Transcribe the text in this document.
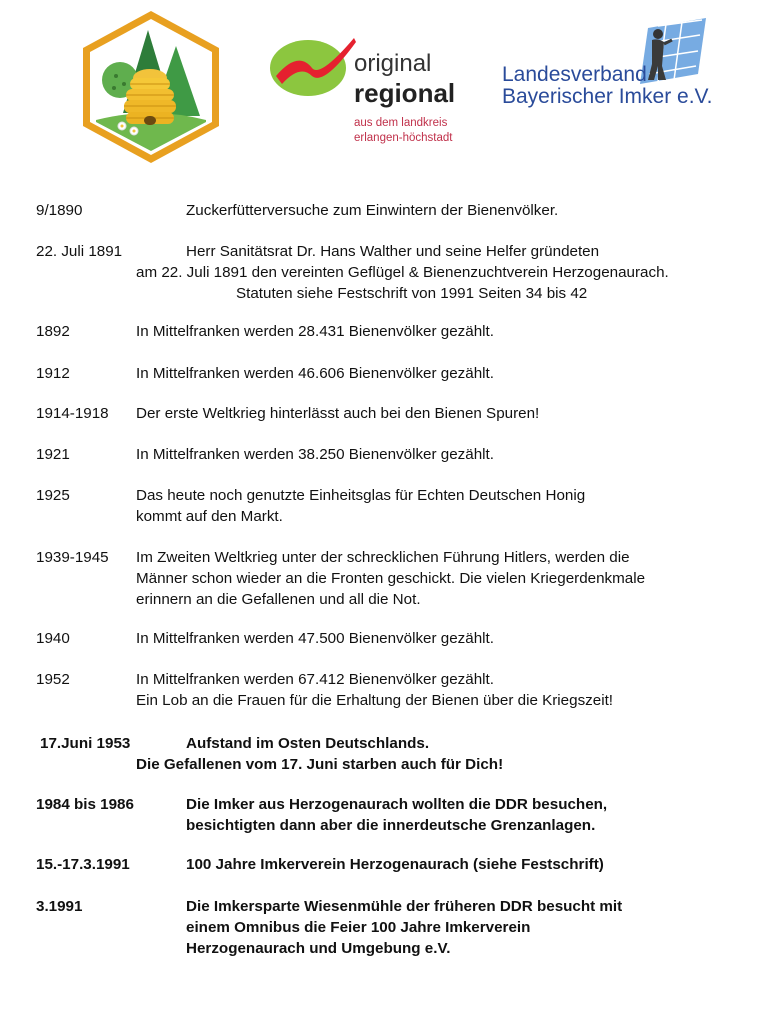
original
regional
aus dem landkreis
erlangen-höchstadt
Landesverband
Bayerischer Imker e.V.
9/1890	Zuckerfütterversuche zum Einwintern der Bienenvölker.
22. Juli 1891	Herr Sanitätsrat Dr. Hans Walther und seine Helfer gründeten
am 22. Juli 1891 den vereinten Geflügel & Bienenzuchtverein Herzogenaurach.
Statuten siehe Festschrift von 1991 Seiten 34 bis 42
1892	In Mittelfranken werden 28.431 Bienenvölker gezählt.
1912	In Mittelfranken werden 46.606 Bienenvölker gezählt.
1914-1918 Der erste Weltkrieg hinterlässt auch bei den Bienen Spuren!
1921	In Mittelfranken werden 38.250 Bienenvölker gezählt.
1925	Das heute noch genutzte Einheitsglas für Echten Deutschen Honig
kommt auf den Markt.
1939-1945 Im Zweiten Weltkrieg unter der schrecklichen Führung Hitlers, werden die
Männer schon wieder an die Fronten geschickt. Die vielen Kriegerdenkmale
erinnern an die Gefallenen und all die Not.
1940	In Mittelfranken werden 47.500 Bienenvölker gezählt.
1952	In Mittelfranken werden 67.412 Bienenvölker gezählt.
Ein Lob an die Frauen für die Erhaltung der Bienen über die Kriegszeit!
17.Juni 1953	Aufstand im Osten Deutschlands.
Die Gefallenen vom 17. Juni starben auch für Dich!
1984 bis 1986	Die Imker aus Herzogenaurach wollten die DDR besuchen,
besichtigten dann aber die innerdeutsche Grenzanlagen.
15.-17.3.1991	100 Jahre Imkerverein Herzogenaurach (siehe Festschrift)
3.1991	Die Imkersparte Wiesenmühle der früheren DDR besucht mit
einem Omnibus die Feier 100 Jahre Imkerverein
Herzogenaurach und Umgebung e.V.
